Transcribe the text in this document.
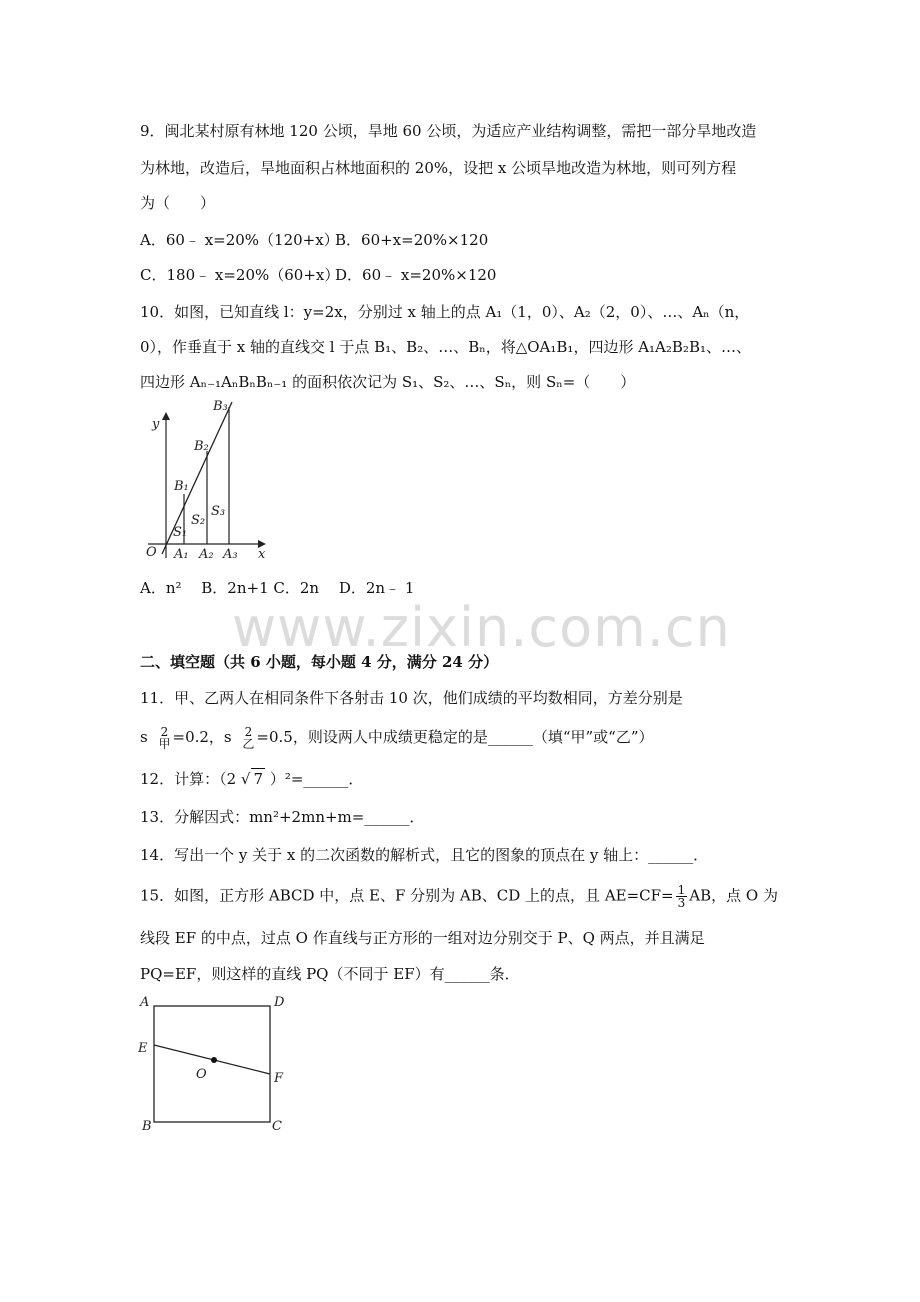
9．闽北某村原有林地 120 公顷，旱地 60 公顷，为适应产业结构调整，需把一部分旱地改造
为林地，改造后，旱地面积占林地面积的 20%，设把 x 公顷旱地改造为林地，则可列方程
为（　　）
A．60﹣ x=20%（120+x）B．60+x=20%×120
C．180﹣ x=20%（60+x）D．60﹣ x=20%×120
10．如图，已知直线 l：y=2x，分别过 x 轴上的点 A₁（1，0）、A₂（2，0）、…、Aₙ（n，
0），作垂直于 x 轴的直线交 l 于点 B₁、B₂、…、Bₙ，将△OA₁B₁，四边形 A₁A₂B₂B₁、…、
四边形 Aₙ₋₁AₙBₙBₙ₋₁ 的面积依次记为 S₁、S₂、…、Sₙ，则 Sₙ=（　　）
y
x
O A₁ A₂ A₃
B₁
B₂
B₃
S₁
S₂
S₃
A．n²　 B．2n+1 C．2n　 D．2n﹣ 1
www.zixin.com.cn
二、填空题（共 6 小题，每小题 4 分，满分 24 分）
11．甲、乙两人在相同条件下各射击 10 次，他们成绩的平均数相同，方差分别是
s 2
甲 =0.2，s 2
乙 =0.5，则设两人中成绩更稳定的是______（填“甲”或“乙”）
12．计算：（2 √ 7 ）²=______．
13．分解因式：mn²+2mn+m=______．
14．写出一个 y 关于 x 的二次函数的解析式，且它的图象的顶点在 y 轴上：______．
15．如图，正方形 ABCD 中，点 E、F 分别为 AB、CD 上的点，且 $AE=CF= \frac{1}{3}$ AB，点 O 为
线段 EF 的中点，过点 O 作直线与正方形的一组对边分别交于 P、Q 两点，并且满足
PQ=EF，则这样的直线 PQ（不同于 EF）有______条．
A	D
E
F
O
B	C
